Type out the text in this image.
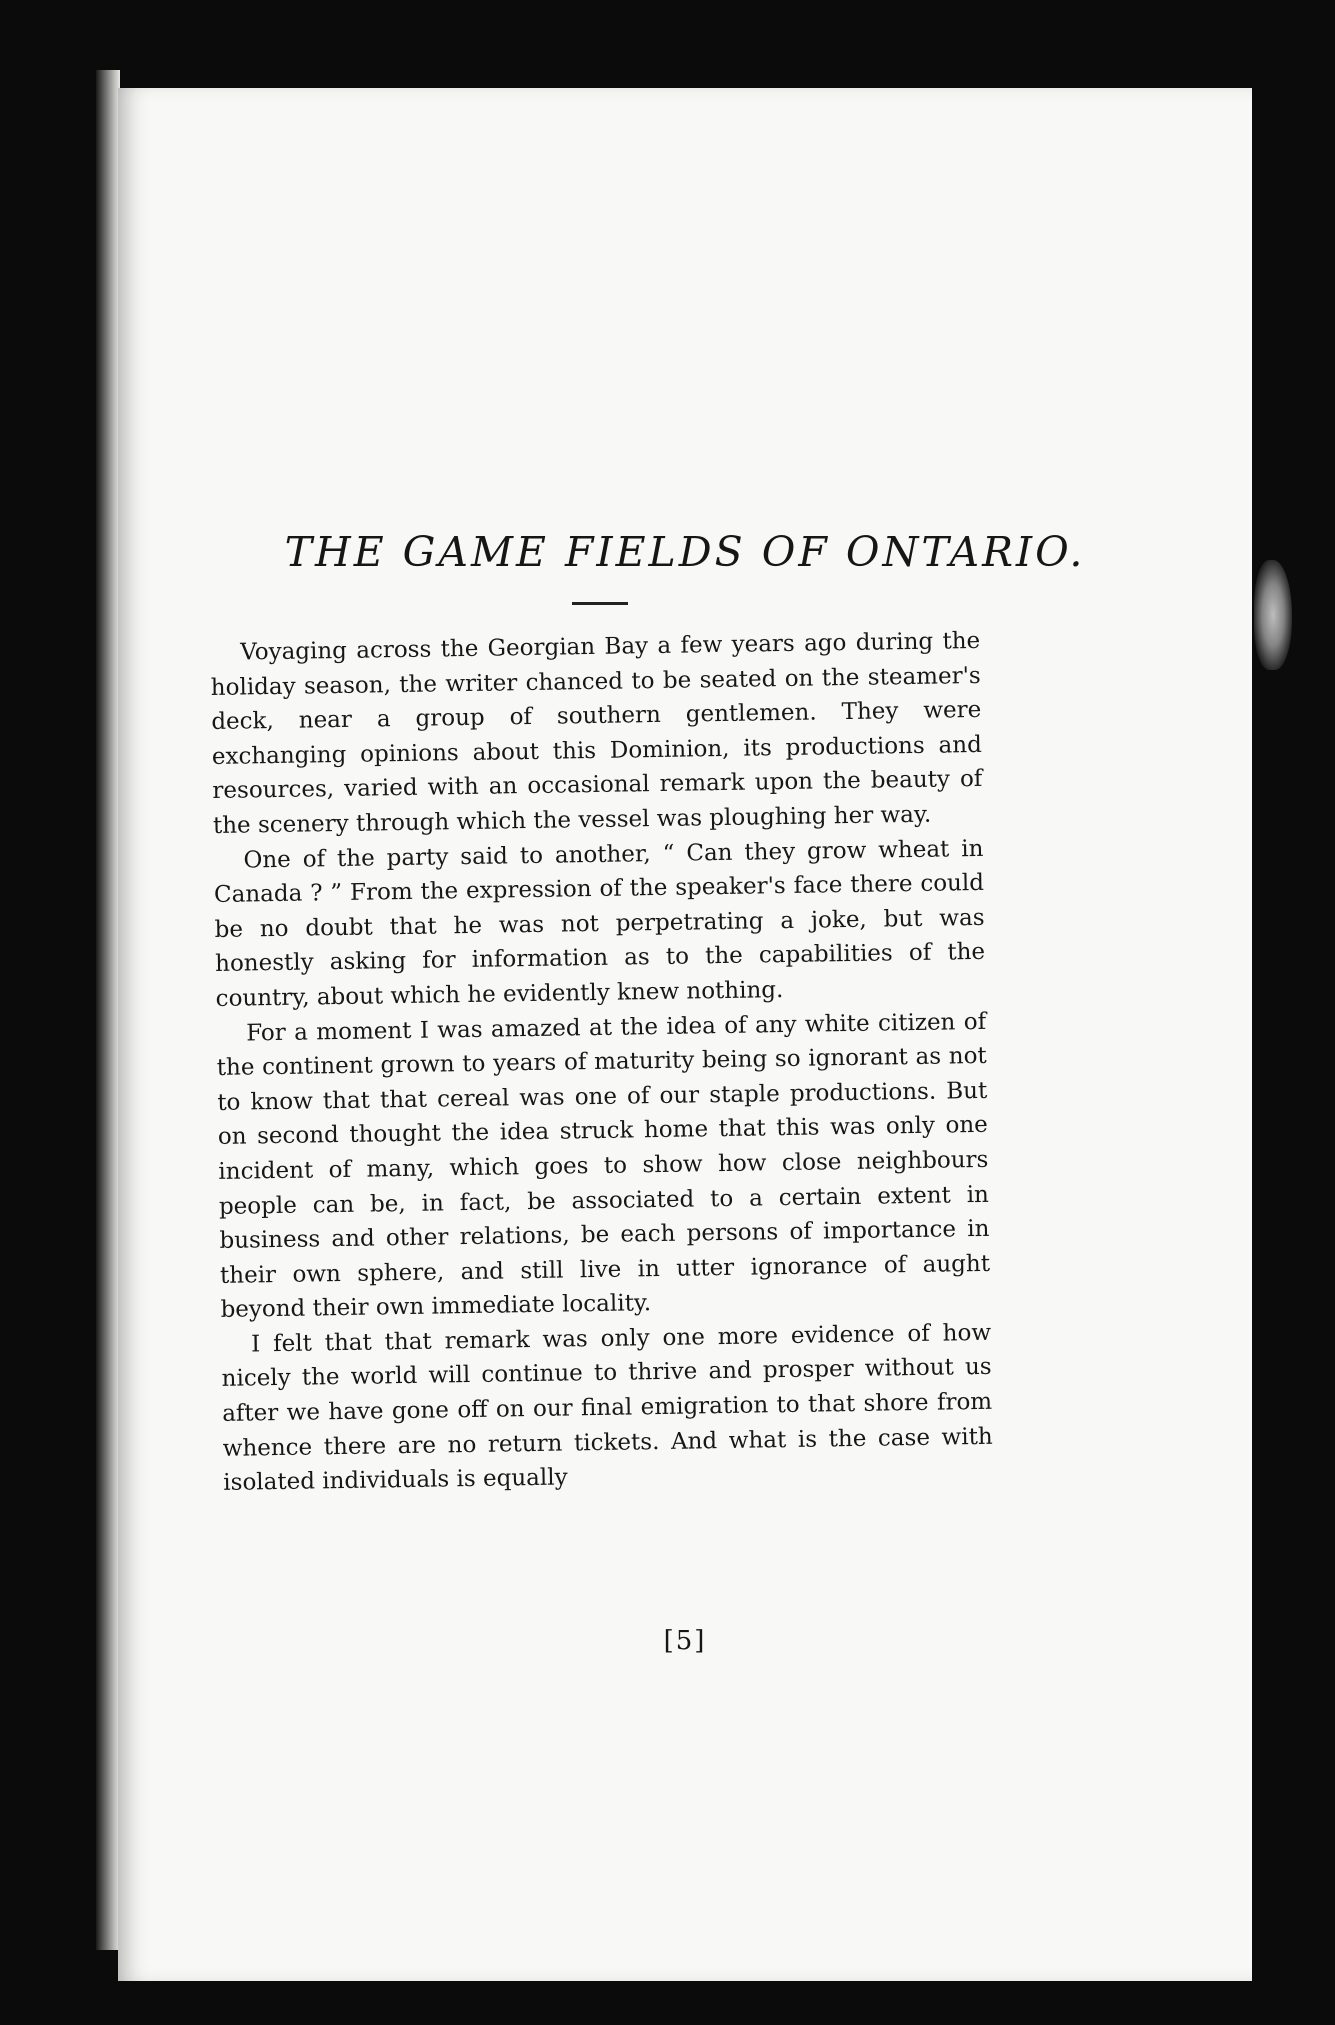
THE GAME FIELDS OF ONTARIO.

Voyaging across the Georgian Bay a few years ago during the holiday season, the writer chanced to be seated on the steamer's deck, near a group of southern gentlemen. They were exchanging opinions about this Dominion, its productions and resources, varied with an occasional remark upon the beauty of the scenery through which the vessel was ploughing her way.

One of the party said to another, “ Can they grow wheat in Canada ? ” From the expression of the speaker's face there could be no doubt that he was not perpetrating a joke, but was honestly asking for information as to the capabilities of the country, about which he evidently knew nothing.

For a moment I was amazed at the idea of any white citizen of the continent grown to years of maturity being so ignorant as not to know that that cereal was one of our staple productions. But on second thought the idea struck home that this was only one incident of many, which goes to show how close neighbours people can be, in fact, be associated to a certain extent in business and other relations, be each persons of importance in their own sphere, and still live in utter ignorance of aught beyond their own immediate locality.

I felt that that remark was only one more evidence of how nicely the world will continue to thrive and prosper without us after we have gone off on our final emigration to that shore from whence there are no return tickets. And what is the case with isolated individuals is equally

[5]
